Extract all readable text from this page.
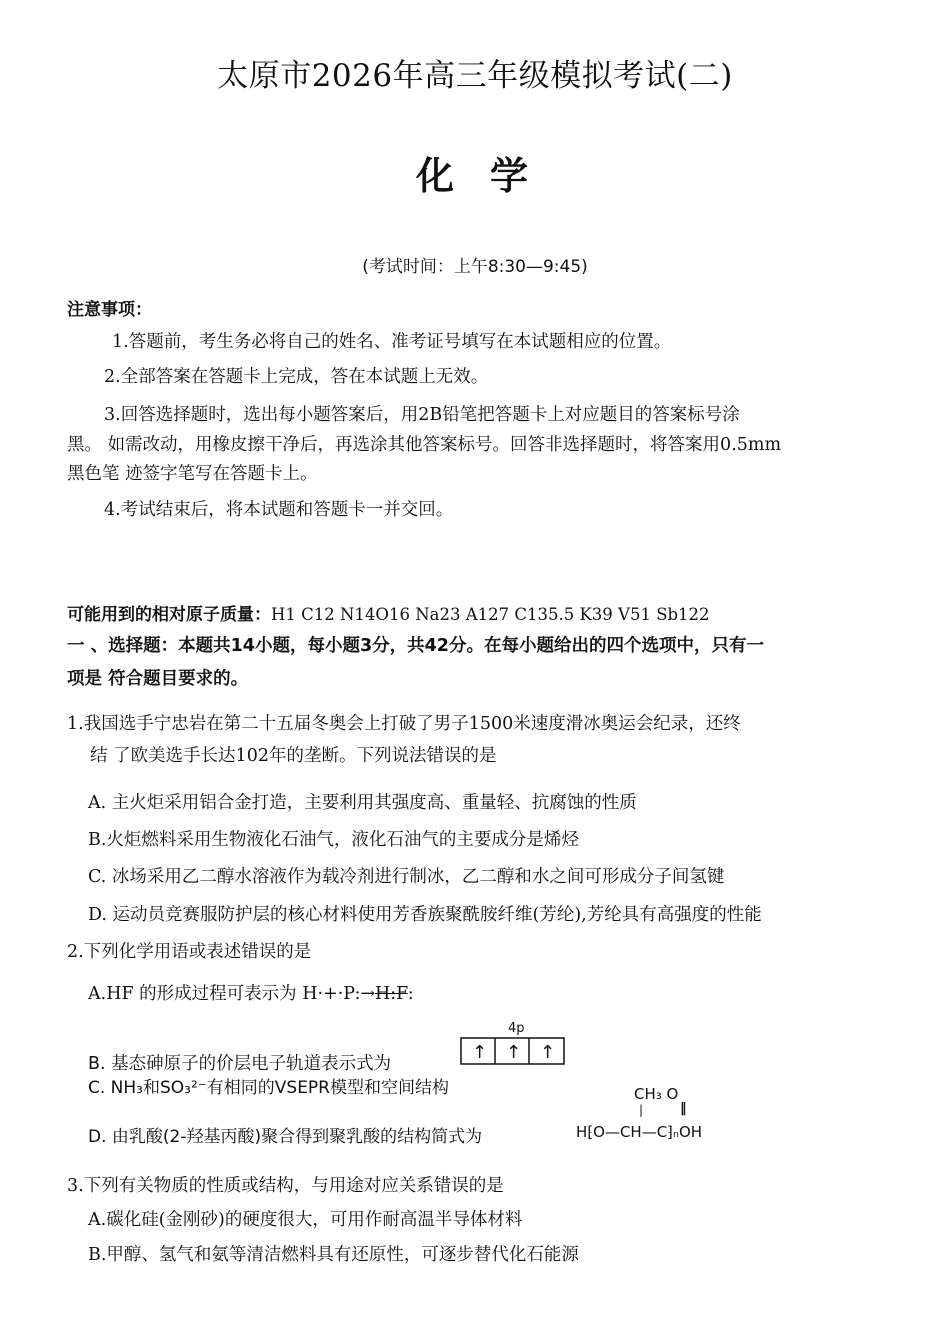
太原市2026年高三年级模拟考试(二)
化学
(考试时间：上午8:30—9:45)
注意事项：
1.答题前，考生务必将自己的姓名、准考证号填写在本试题相应的位置。
2.全部答案在答题卡上完成，答在本试题上无效。
3.回答选择题时，选出每小题答案后，用2B铅笔把答题卡上对应题目的答案标号涂
黑。 如需改动，用橡皮擦干净后，再选涂其他答案标号。回答非选择题时，将答案用0.5mm
黑色笔 迹签字笔写在答题卡上。
4.考试结束后，将本试题和答题卡一并交回。
可能用到的相对原子质量：H1 C12 N14O16 Na23 A127 C135.5 K39 V51 Sb122
一 、选择题：本题共14小题，每小题3分，共42分。在每小题给出的四个选项中，只有一
项是 符合题目要求的。
1.我国选手宁忠岩在第二十五届冬奥会上打破了男子1500米速度滑冰奥运会纪录，还终
结 了欧美选手长达102年的垄断。下列说法错误的是
A. 主火炬采用铝合金打造，主要利用其强度高、重量轻、抗腐蚀的性质
B.火炬燃料采用生物液化石油气，液化石油气的主要成分是烯烃
C. 冰场采用乙二醇水溶液作为载冷剂进行制冰，乙二醇和水之间可形成分子间氢键
D. 运动员竞赛服防护层的核心材料使用芳香族聚酰胺纤维(芳纶),芳纶具有高强度的性能
2.下列化学用语或表述错误的是
A.HF 的形成过程可表示为 H·+·P:→H:F:
B. 基态砷原子的价层电子轨道表示式为
4p
↑ ↑ ↑
C. NH₃和SO₃²⁻有相同的VSEPR模型和空间结构
D. 由乳酸(2-羟基丙酸)聚合得到聚乳酸的结构简式为
CH₃ O
|	‖
H⁅O—CH—C⁆ₙOH
3.下列有关物质的性质或结构，与用途对应关系错误的是
A.碳化硅(金刚砂)的硬度很大，可用作耐高温半导体材料
B.甲醇、氢气和氨等清洁燃料具有还原性，可逐步替代化石能源
